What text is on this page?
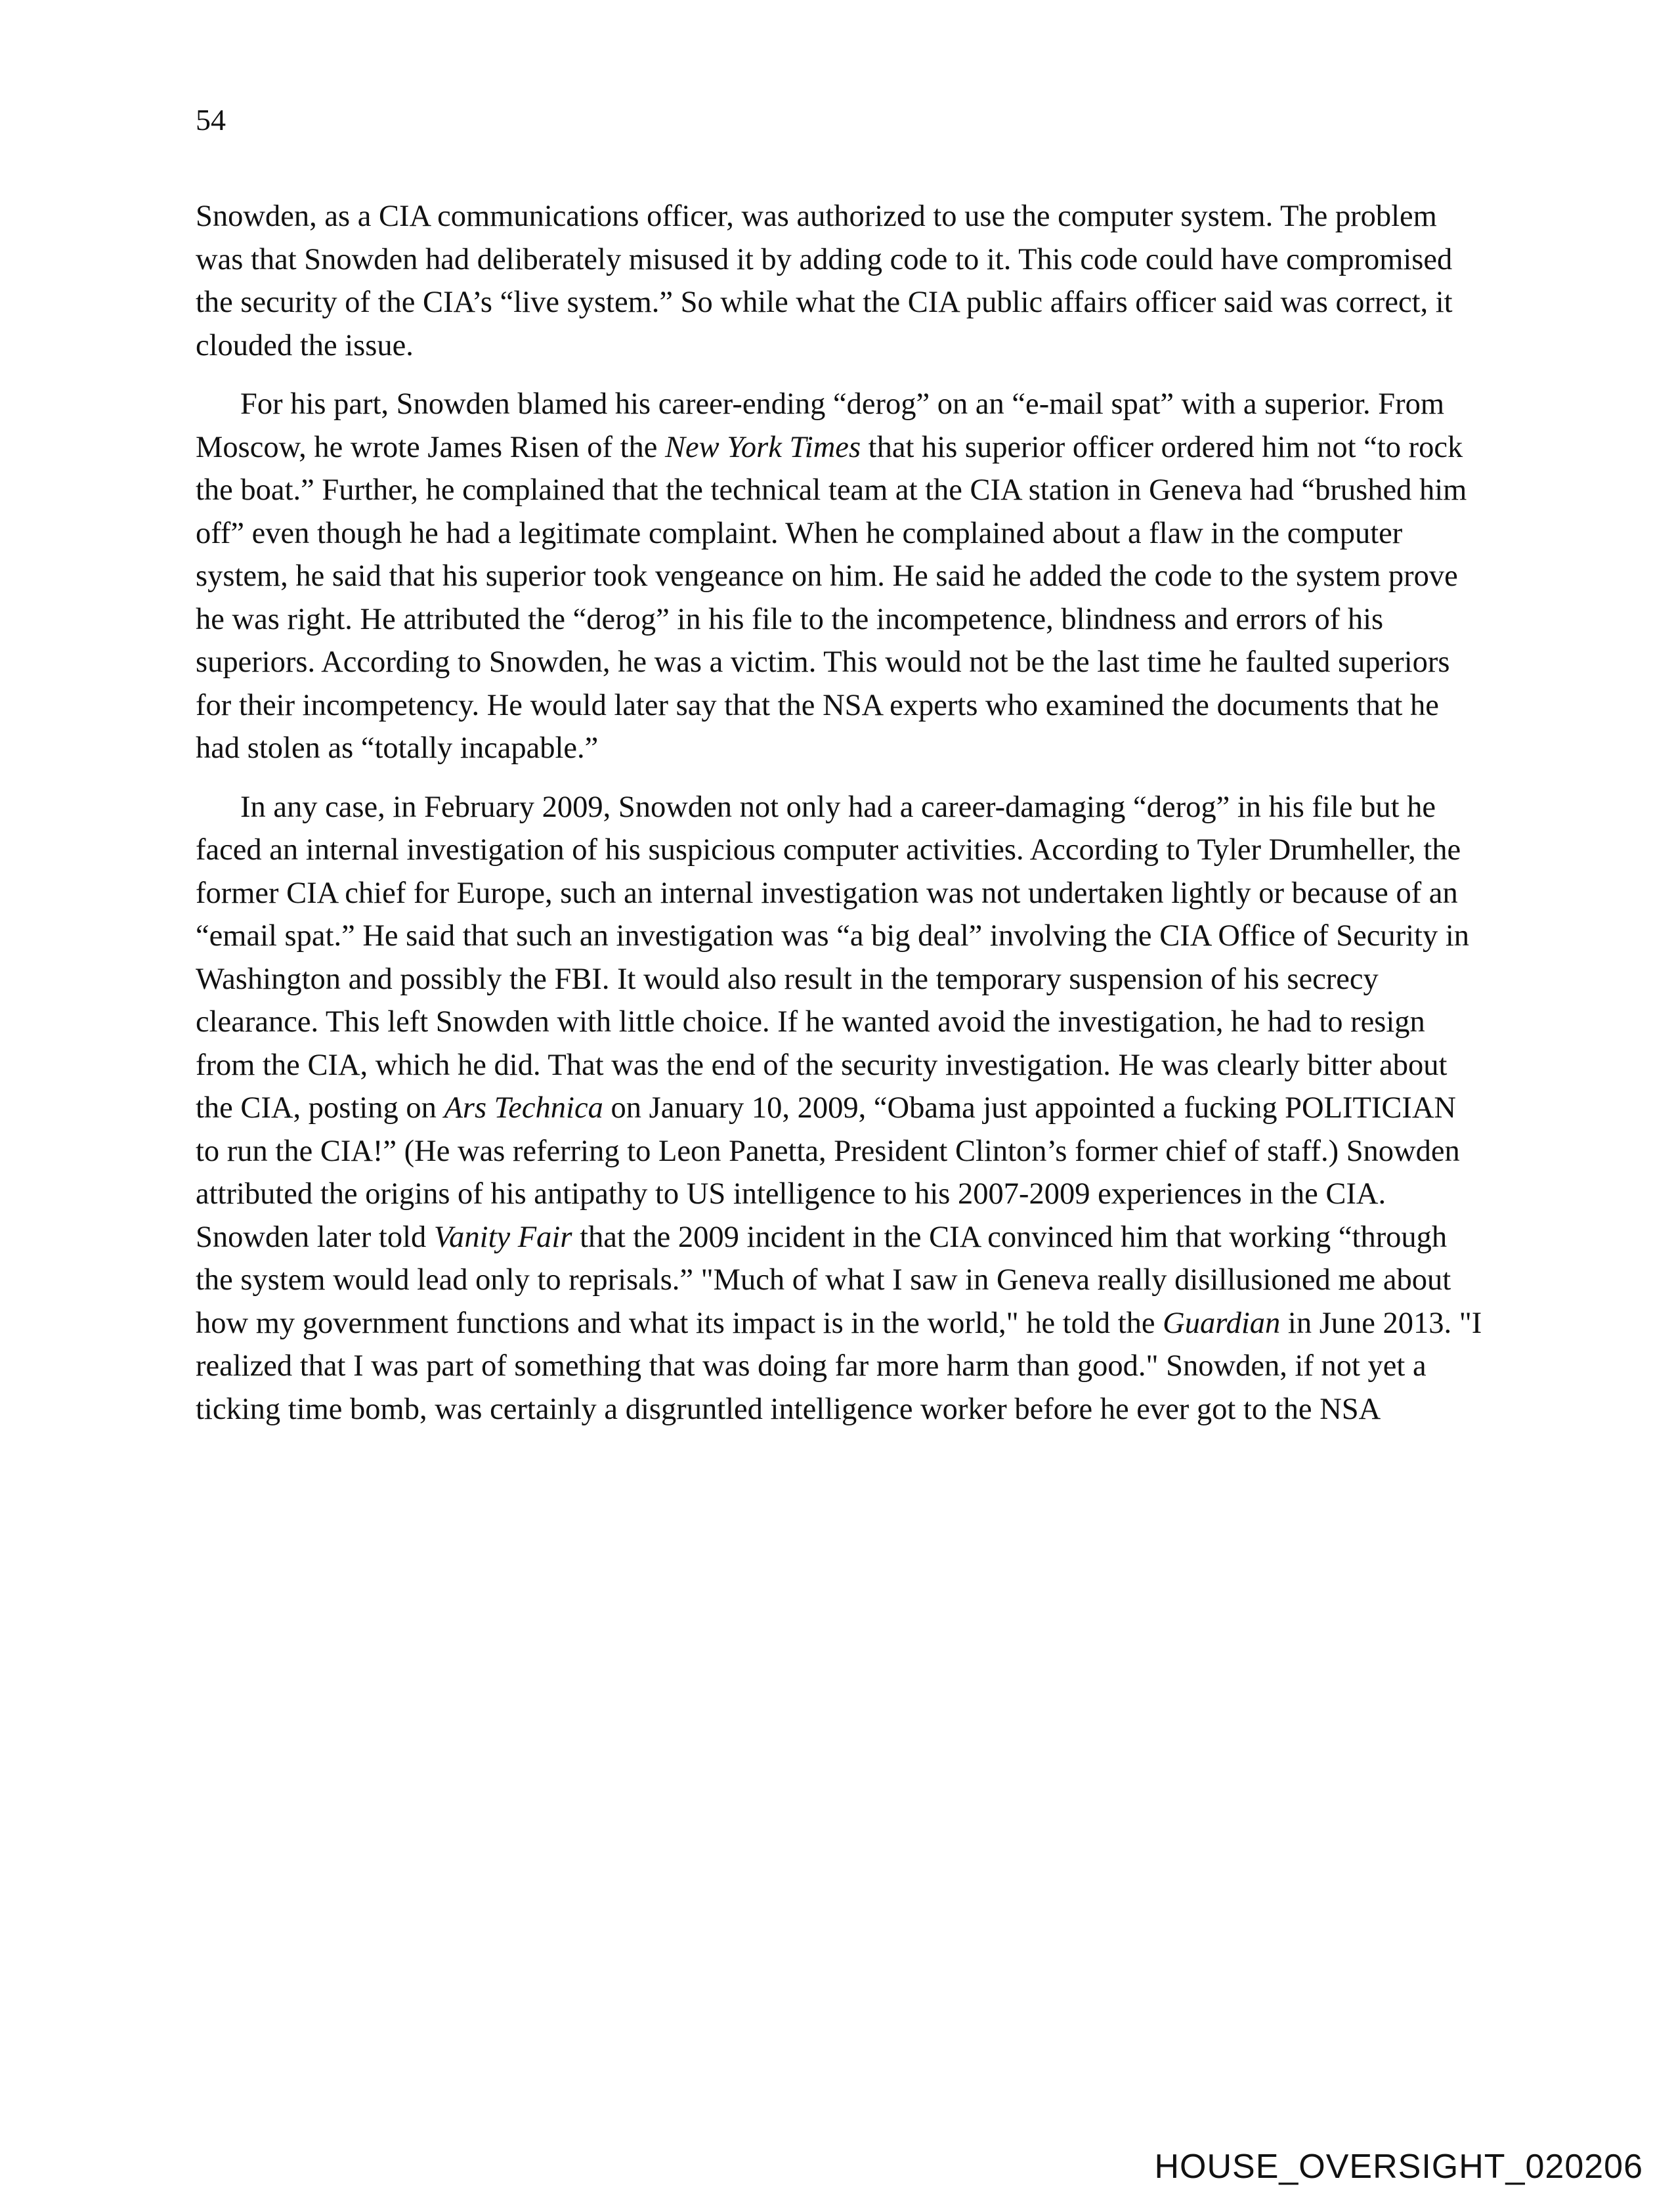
54

Snowden, as a CIA communications officer, was authorized to use the computer system. The problem was that Snowden had deliberately misused it by adding code to it. This code could have compromised the security of the CIA’s “live system.” So while what the CIA public affairs officer said was correct, it clouded the issue.

For his part, Snowden blamed his career-ending “derog” on an “e-mail spat” with a superior. From Moscow, he wrote James Risen of the New York Times that his superior officer ordered him not “to rock the boat.” Further, he complained that the technical team at the CIA station in Geneva had “brushed him off” even though he had a legitimate complaint. When he complained about a flaw in the computer system, he said that his superior took vengeance on him. He said he added the code to the system prove he was right. He attributed the “derog” in his file to the incompetence, blindness and errors of his superiors. According to Snowden, he was a victim. This would not be the last time he faulted superiors for their incompetency. He would later say that the NSA experts who examined the documents that he had stolen as “totally incapable.”

In any case, in February 2009, Snowden not only had a career-damaging “derog” in his file but he faced an internal investigation of his suspicious computer activities. According to Tyler Drumheller, the former CIA chief for Europe, such an internal investigation was not undertaken lightly or because of an “email spat.” He said that such an investigation was “a big deal” involving the CIA Office of Security in Washington and possibly the FBI. It would also result in the temporary suspension of his secrecy clearance. This left Snowden with little choice. If he wanted avoid the investigation, he had to resign from the CIA, which he did. That was the end of the security investigation. He was clearly bitter about the CIA, posting on Ars Technica on January 10, 2009, “Obama just appointed a fucking POLITICIAN to run the CIA!” (He was referring to Leon Panetta, President Clinton’s former chief of staff.) Snowden attributed the origins of his antipathy to US intelligence to his 2007-2009 experiences in the CIA. Snowden later told Vanity Fair that the 2009 incident in the CIA convinced him that working “through the system would lead only to reprisals.” "Much of what I saw in Geneva really disillusioned me about how my government functions and what its impact is in the world," he told the Guardian in June 2013. "I realized that I was part of something that was doing far more harm than good." Snowden, if not yet a ticking time bomb, was certainly a disgruntled intelligence worker before he ever got to the NSA

HOUSE_OVERSIGHT_020206
